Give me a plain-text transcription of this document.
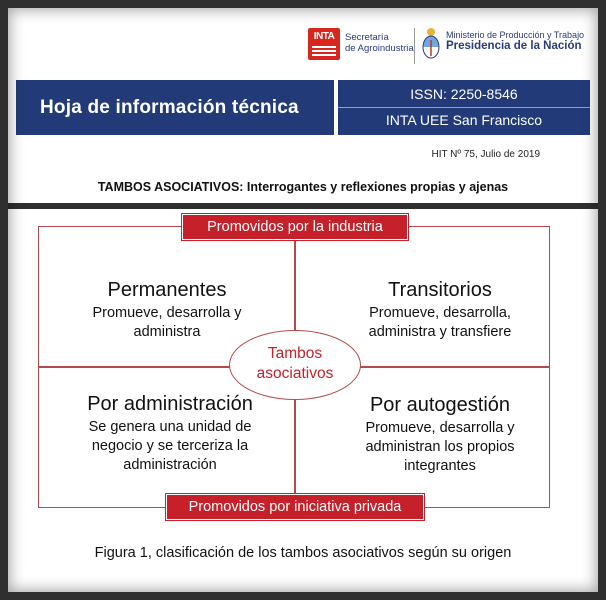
INTA	Secretaría
de Agroindustria
Ministerio de Producción y Trabajo
Presidencia de la Nación
Hoja de información técnica
ISSN: 2250-8546
INTA UEE San Francisco
HIT Nº 75, Julio de 2019
TAMBOS ASOCIATIVOS: Interrogantes y reflexiones propias y ajenas
Permanentes
Promueve, desarrolla y
administra
Transitorios
Promueve, desarrolla,
administra y transfiere
Por administración
Se genera una unidad de
negocio y se terceriza la
administración
Por autogestión
Promueve, desarrolla y
administran los propios
integrantes
Tambos
asociativos
Promovidos por la industria
Promovidos por iniciativa privada
Figura 1, clasificación de los tambos asociativos según su origen
